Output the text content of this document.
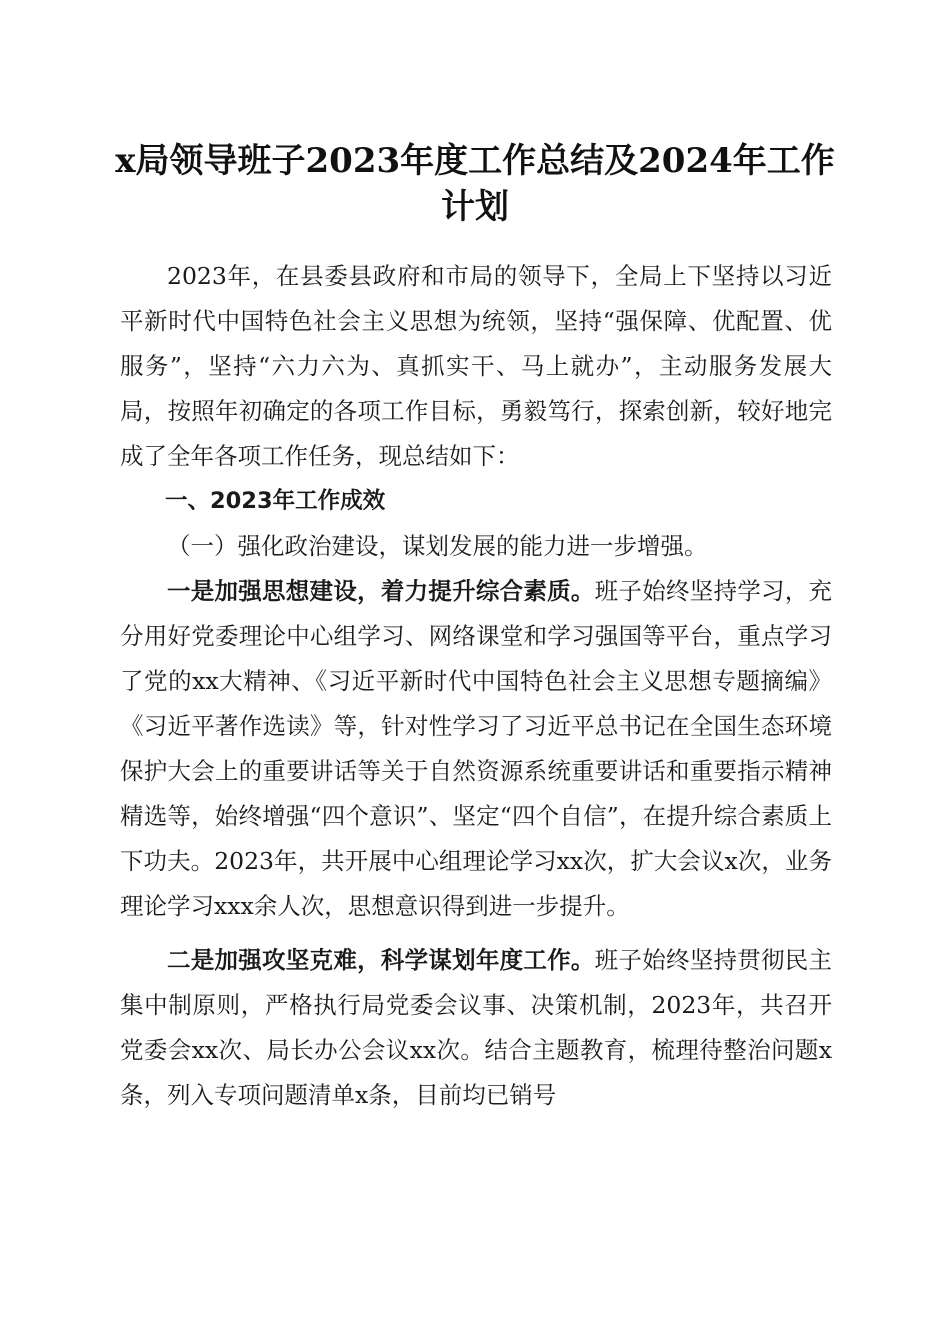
x局领导班子2023年度工作总结及2024年工作计划

2023年，在县委县政府和市局的领导下，全局上下坚持以习近平新时代中国特色社会主义思想为统领，坚持“强保障、优配置、优服务”，坚持“六力六为、真抓实干、马上就办”，主动服务发展大局，按照年初确定的各项工作目标，勇毅笃行，探索创新，较好地完成了全年各项工作任务，现总结如下：

一、2023年工作成效

（一）强化政治建设，谋划发展的能力进一步增强。

一是加强思想建设，着力提升综合素质。班子始终坚持学习，充分用好党委理论中心组学习、网络课堂和学习强国等平台，重点学习了党的xx大精神、《习近平新时代中国特色社会主义思想专题摘编》《习近平著作选读》等，针对性学习了习近平总书记在全国生态环境保护大会上的重要讲话等关于自然资源系统重要讲话和重要指示精神精选等，始终增强“四个意识”、坚定“四个自信”，在提升综合素质上下功夫。2023年，共开展中心组理论学习xx次，扩大会议x次，业务理论学习xxx余人次，思想意识得到进一步提升。

二是加强攻坚克难，科学谋划年度工作。班子始终坚持贯彻民主集中制原则，严格执行局党委会议事、决策机制，2023年，共召开党委会xx次、局长办公会议xx次。结合主题教育，梳理待整治问题x条，列入专项问题清单x条，目前均已销号
